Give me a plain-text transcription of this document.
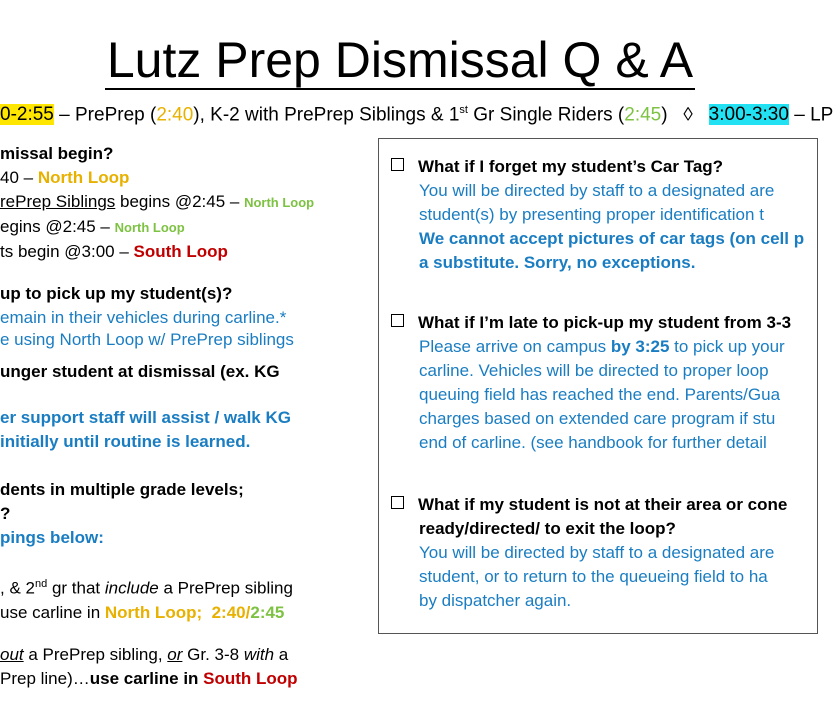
Lutz Prep Dismissal Q & A
0-2:55 – PrePrep (2:40), K-2 with PrePrep Siblings & 1st Gr Single Riders (2:45) ◊ 3:00-3:30 – LP
missal begin?
40 – North Loop
rePrep Siblings begins @2:45 – North Loop
egins @2:45 – North Loop
ts begin @3:00 – South Loop
up to pick up my student(s)?
emain in their vehicles during carline.*
e using North Loop w/ PrePrep siblings
unger student at dismissal (ex. KG
er support staff will assist / walk KG
initially until routine is learned.
dents in multiple grade levels;
?
pings below:
, & 2nd gr that include a PrePrep sibling
use carline in North Loop; 2:40/2:45
out a PrePrep sibling, or Gr. 3-8 with a
Prep line)…use carline in South Loop
What if I forget my student’s Car Tag?
You will be directed by staff to a designated are
student(s) by presenting proper identification t
We cannot accept pictures of car tags (on cell p
a substitute. Sorry, no exceptions.
What if I’m late to pick-up my student from 3-3
Please arrive on campus by 3:25 to pick up your
carline. Vehicles will be directed to proper loop
queuing field has reached the end. Parents/Gua
charges based on extended care program if stu
end of carline. (see handbook for further detail
What if my student is not at their area or cone
ready/directed/ to exit the loop?
You will be directed by staff to a designated are
student, or to return to the queueing field to ha
by dispatcher again.
